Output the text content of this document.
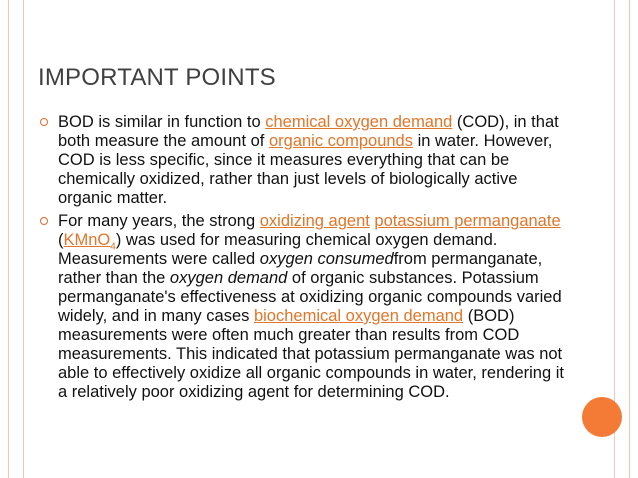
IMPORTANT POINTS
BOD is similar in function to chemical oxygen demand (COD), in that both measure the amount of organic compounds in water. However, COD is less specific, since it measures everything that can be chemically oxidized, rather than just levels of biologically active organic matter.
For many years, the strong oxidizing agent potassium permanganate (KMnO$_4$) was used for measuring chemical oxygen demand. Measurements were called oxygen consumedfrom permanganate, rather than the oxygen demand of organic substances. Potassium permanganate's effectiveness at oxidizing organic compounds varied widely, and in many cases biochemical oxygen demand (BOD) measurements were often much greater than results from COD measurements. This indicated that potassium permanganate was not able to effectively oxidize all organic compounds in water, rendering it a relatively poor oxidizing agent for determining COD.
